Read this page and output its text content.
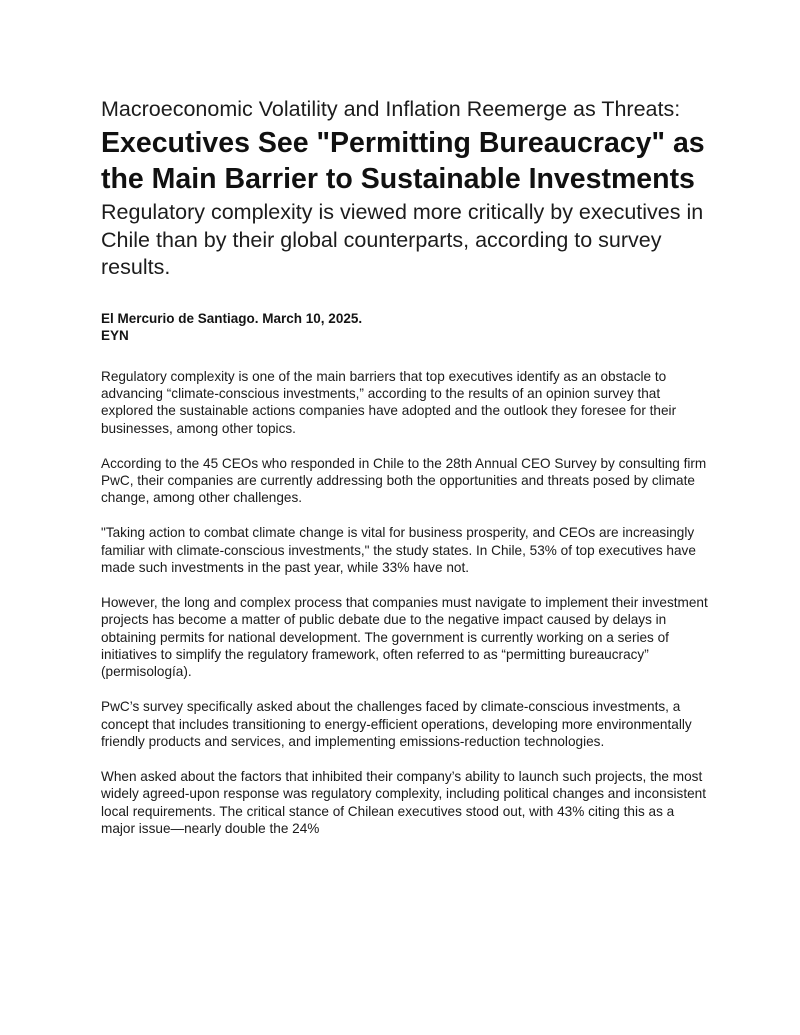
Macroeconomic Volatility and Inflation Reemerge as Threats:
Executives See "Permitting Bureaucracy" as the Main Barrier to Sustainable Investments
Regulatory complexity is viewed more critically by executives in Chile than by their global counterparts, according to survey results.
El Mercurio de Santiago. March 10, 2025.
EYN

Regulatory complexity is one of the main barriers that top executives identify as an obstacle to advancing “climate-conscious investments,” according to the results of an opinion survey that explored the sustainable actions companies have adopted and the outlook they foresee for their businesses, among other topics.

According to the 45 CEOs who responded in Chile to the 28th Annual CEO Survey by consulting firm PwC, their companies are currently addressing both the opportunities and threats posed by climate change, among other challenges.

"Taking action to combat climate change is vital for business prosperity, and CEOs are increasingly familiar with climate-conscious investments," the study states. In Chile, 53% of top executives have made such investments in the past year, while 33% have not.

However, the long and complex process that companies must navigate to implement their investment projects has become a matter of public debate due to the negative impact caused by delays in obtaining permits for national development. The government is currently working on a series of initiatives to simplify the regulatory framework, often referred to as “permitting bureaucracy” (permisología).

PwC’s survey specifically asked about the challenges faced by climate-conscious investments, a concept that includes transitioning to energy-efficient operations, developing more environmentally friendly products and services, and implementing emissions-reduction technologies.

When asked about the factors that inhibited their company’s ability to launch such projects, the most widely agreed-upon response was regulatory complexity, including political changes and inconsistent local requirements. The critical stance of Chilean executives stood out, with 43% citing this as a major issue—nearly double the 24%
